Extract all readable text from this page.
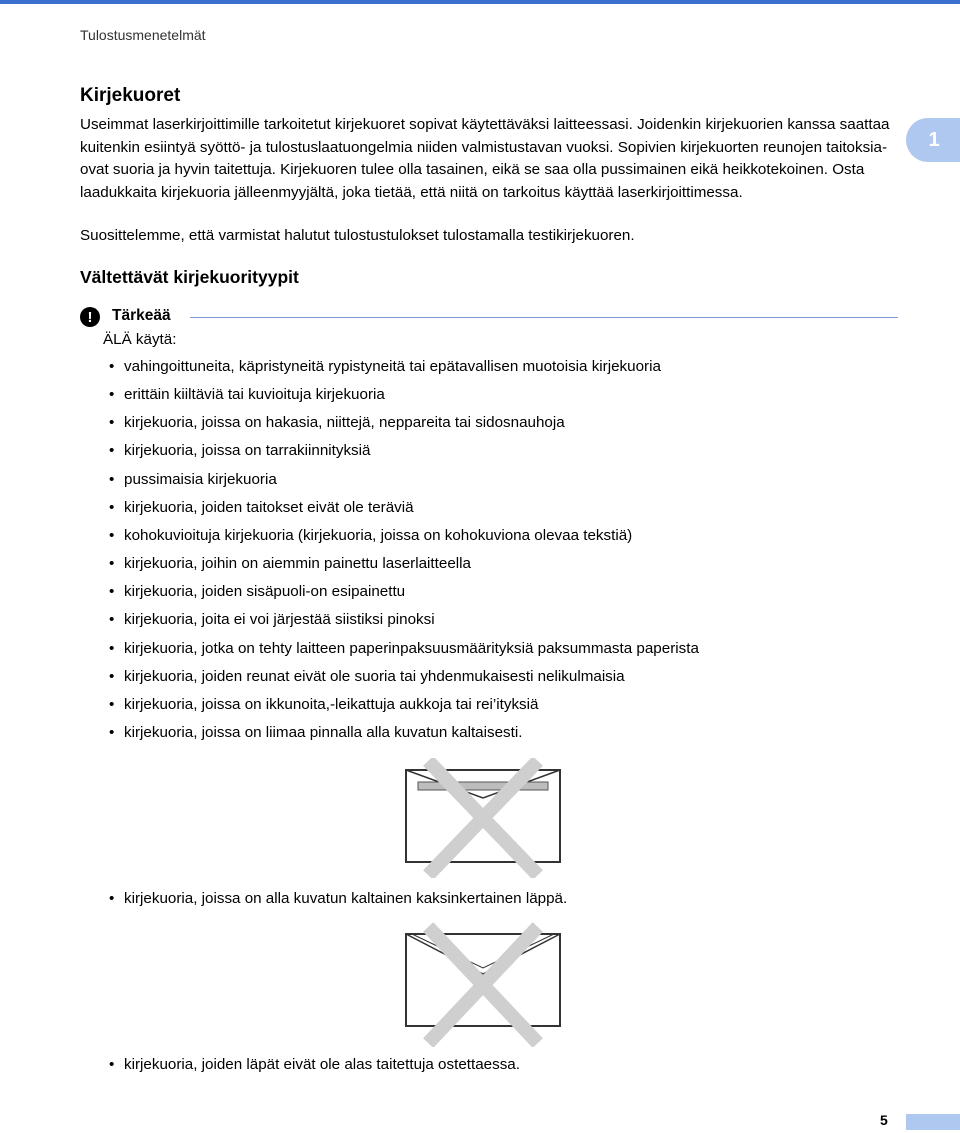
Tulostusmenetelmät
1
Kirjekuoret
Useimmat laserkirjoittimille tarkoitetut kirjekuoret sopivat käytettäväksi laitteessasi. Joidenkin kirjekuorien kanssa saattaa kuitenkin esiintyä syöttö- ja tulostuslaatuongelmia niiden valmistustavan vuoksi. Sopivien kirjekuorten reunojen taitoksia-ovat suoria ja hyvin taitettuja. Kirjekuoren tulee olla tasainen, eikä se saa olla pussimainen eikä heikkotekoinen. Osta laadukkaita kirjekuoria jälleenmyyjältä, joka tietää, että niitä on tarkoitus käyttää laserkirjoittimessa.
Suosittelemme, että varmistat halutut tulostustulokset tulostamalla testikirjekuoren.
Vältettävät kirjekuorityypit
!	Tärkeää
ÄLÄ käytä:
• vahingoittuneita, käpristyneitä rypistyneitä tai epätavallisen muotoisia kirjekuoria
• erittäin kiiltäviä tai kuvioituja kirjekuoria
• kirjekuoria, joissa on hakasia, niittejä, neppareita tai sidosnauhoja
• kirjekuoria, joissa on tarrakiinnityksiä
• pussimaisia kirjekuoria
• kirjekuoria, joiden taitokset eivät ole teräviä
• kohokuvioituja kirjekuoria (kirjekuoria, joissa on kohokuviona olevaa tekstiä)
• kirjekuoria, joihin on aiemmin painettu laserlaitteella
• kirjekuoria, joiden sisäpuoli-on esipainettu
• kirjekuoria, joita ei voi järjestää siistiksi pinoksi
• kirjekuoria, jotka on tehty laitteen paperinpaksuusmäärityksiä paksummasta paperista
• kirjekuoria, joiden reunat eivät ole suoria tai yhdenmukaisesti nelikulmaisia
• kirjekuoria, joissa on ikkunoita,-leikattuja aukkoja tai rei’ityksiä
• kirjekuoria, joissa on liimaa pinnalla alla kuvatun kaltaisesti.
• kirjekuoria, joissa on alla kuvatun kaltainen kaksinkertainen läppä.
• kirjekuoria, joiden läpät eivät ole alas taitettuja ostettaessa.
5
